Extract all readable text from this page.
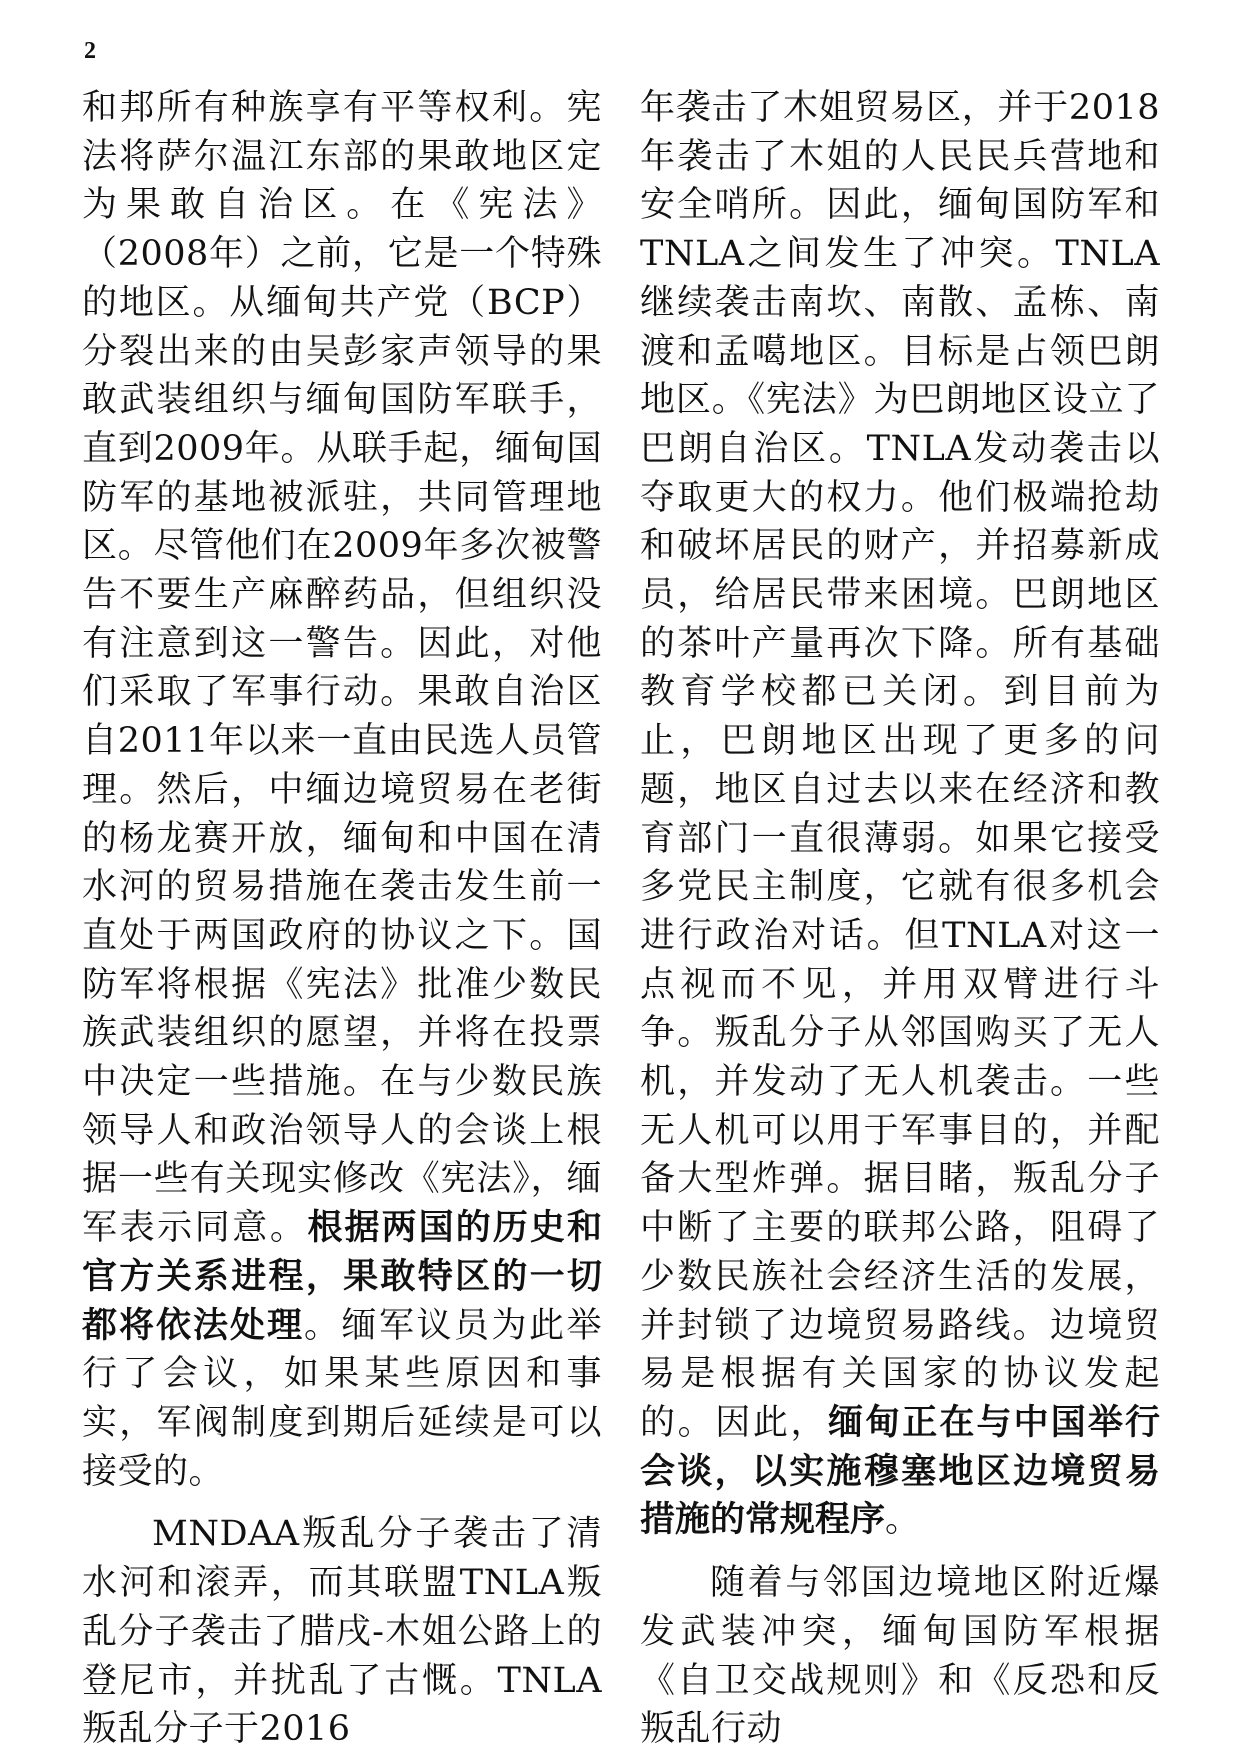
2

和邦所有种族享有平等权利。宪法将萨尔温江东部的果敢地区定为果敢自治区。在《宪法》（2008年）之前，它是一个特殊的地区。从缅甸共产党（BCP）分裂出来的由吴彭家声领导的果敢武装组织与缅甸国防军联手，直到2009年。从联手起，缅甸国防军的基地被派驻，共同管理地区。尽管他们在2009年多次被警告不要生产麻醉药品，但组织没有注意到这一警告。因此，对他们采取了军事行动。果敢自治区自2011年以来一直由民选人员管理。然后，中缅边境贸易在老街的杨龙赛开放，缅甸和中国在清水河的贸易措施在袭击发生前一直处于两国政府的协议之下。国防军将根据《宪法》批准少数民族武装组织的愿望，并将在投票中决定一些措施。在与少数民族领导人和政治领导人的会谈上根据一些有关现实修改《宪法》，缅军表示同意。根据两国的历史和官方关系进程，果敢特区的一切都将依法处理。缅军议员为此举行了会议，如果某些原因和事实，军阀制度到期后延续是可以接受的。

MNDAA叛乱分子袭击了清水河和滚弄，而其联盟TNLA叛乱分子袭击了腊戌-木姐公路上的登尼市，并扰乱了古慨。TNLA叛乱分子于2016

年袭击了木姐贸易区，并于2018年袭击了木姐的人民民兵营地和安全哨所。因此，缅甸国防军和TNLA之间发生了冲突。TNLA继续袭击南坎、南散、孟栋、南渡和孟噶地区。目标是占领巴朗地区。《宪法》为巴朗地区设立了巴朗自治区。TNLA发动袭击以夺取更大的权力。他们极端抢劫和破坏居民的财产，并招募新成员，给居民带来困境。巴朗地区的茶叶产量再次下降。所有基础教育学校都已关闭。到目前为止，巴朗地区出现了更多的问题，地区自过去以来在经济和教育部门一直很薄弱。如果它接受多党民主制度，它就有很多机会进行政治对话。但TNLA对这一点视而不见，并用双臂进行斗争。叛乱分子从邻国购买了无人机，并发动了无人机袭击。一些无人机可以用于军事目的，并配备大型炸弹。据目睹，叛乱分子中断了主要的联邦公路，阻碍了少数民族社会经济生活的发展，并封锁了边境贸易路线。边境贸易是根据有关国家的协议发起的。因此，缅甸正在与中国举行会谈，以实施穆塞地区边境贸易措施的常规程序。

随着与邻国边境地区附近爆发武装冲突，缅甸国防军根据《自卫交战规则》和《反恐和反叛乱行动
